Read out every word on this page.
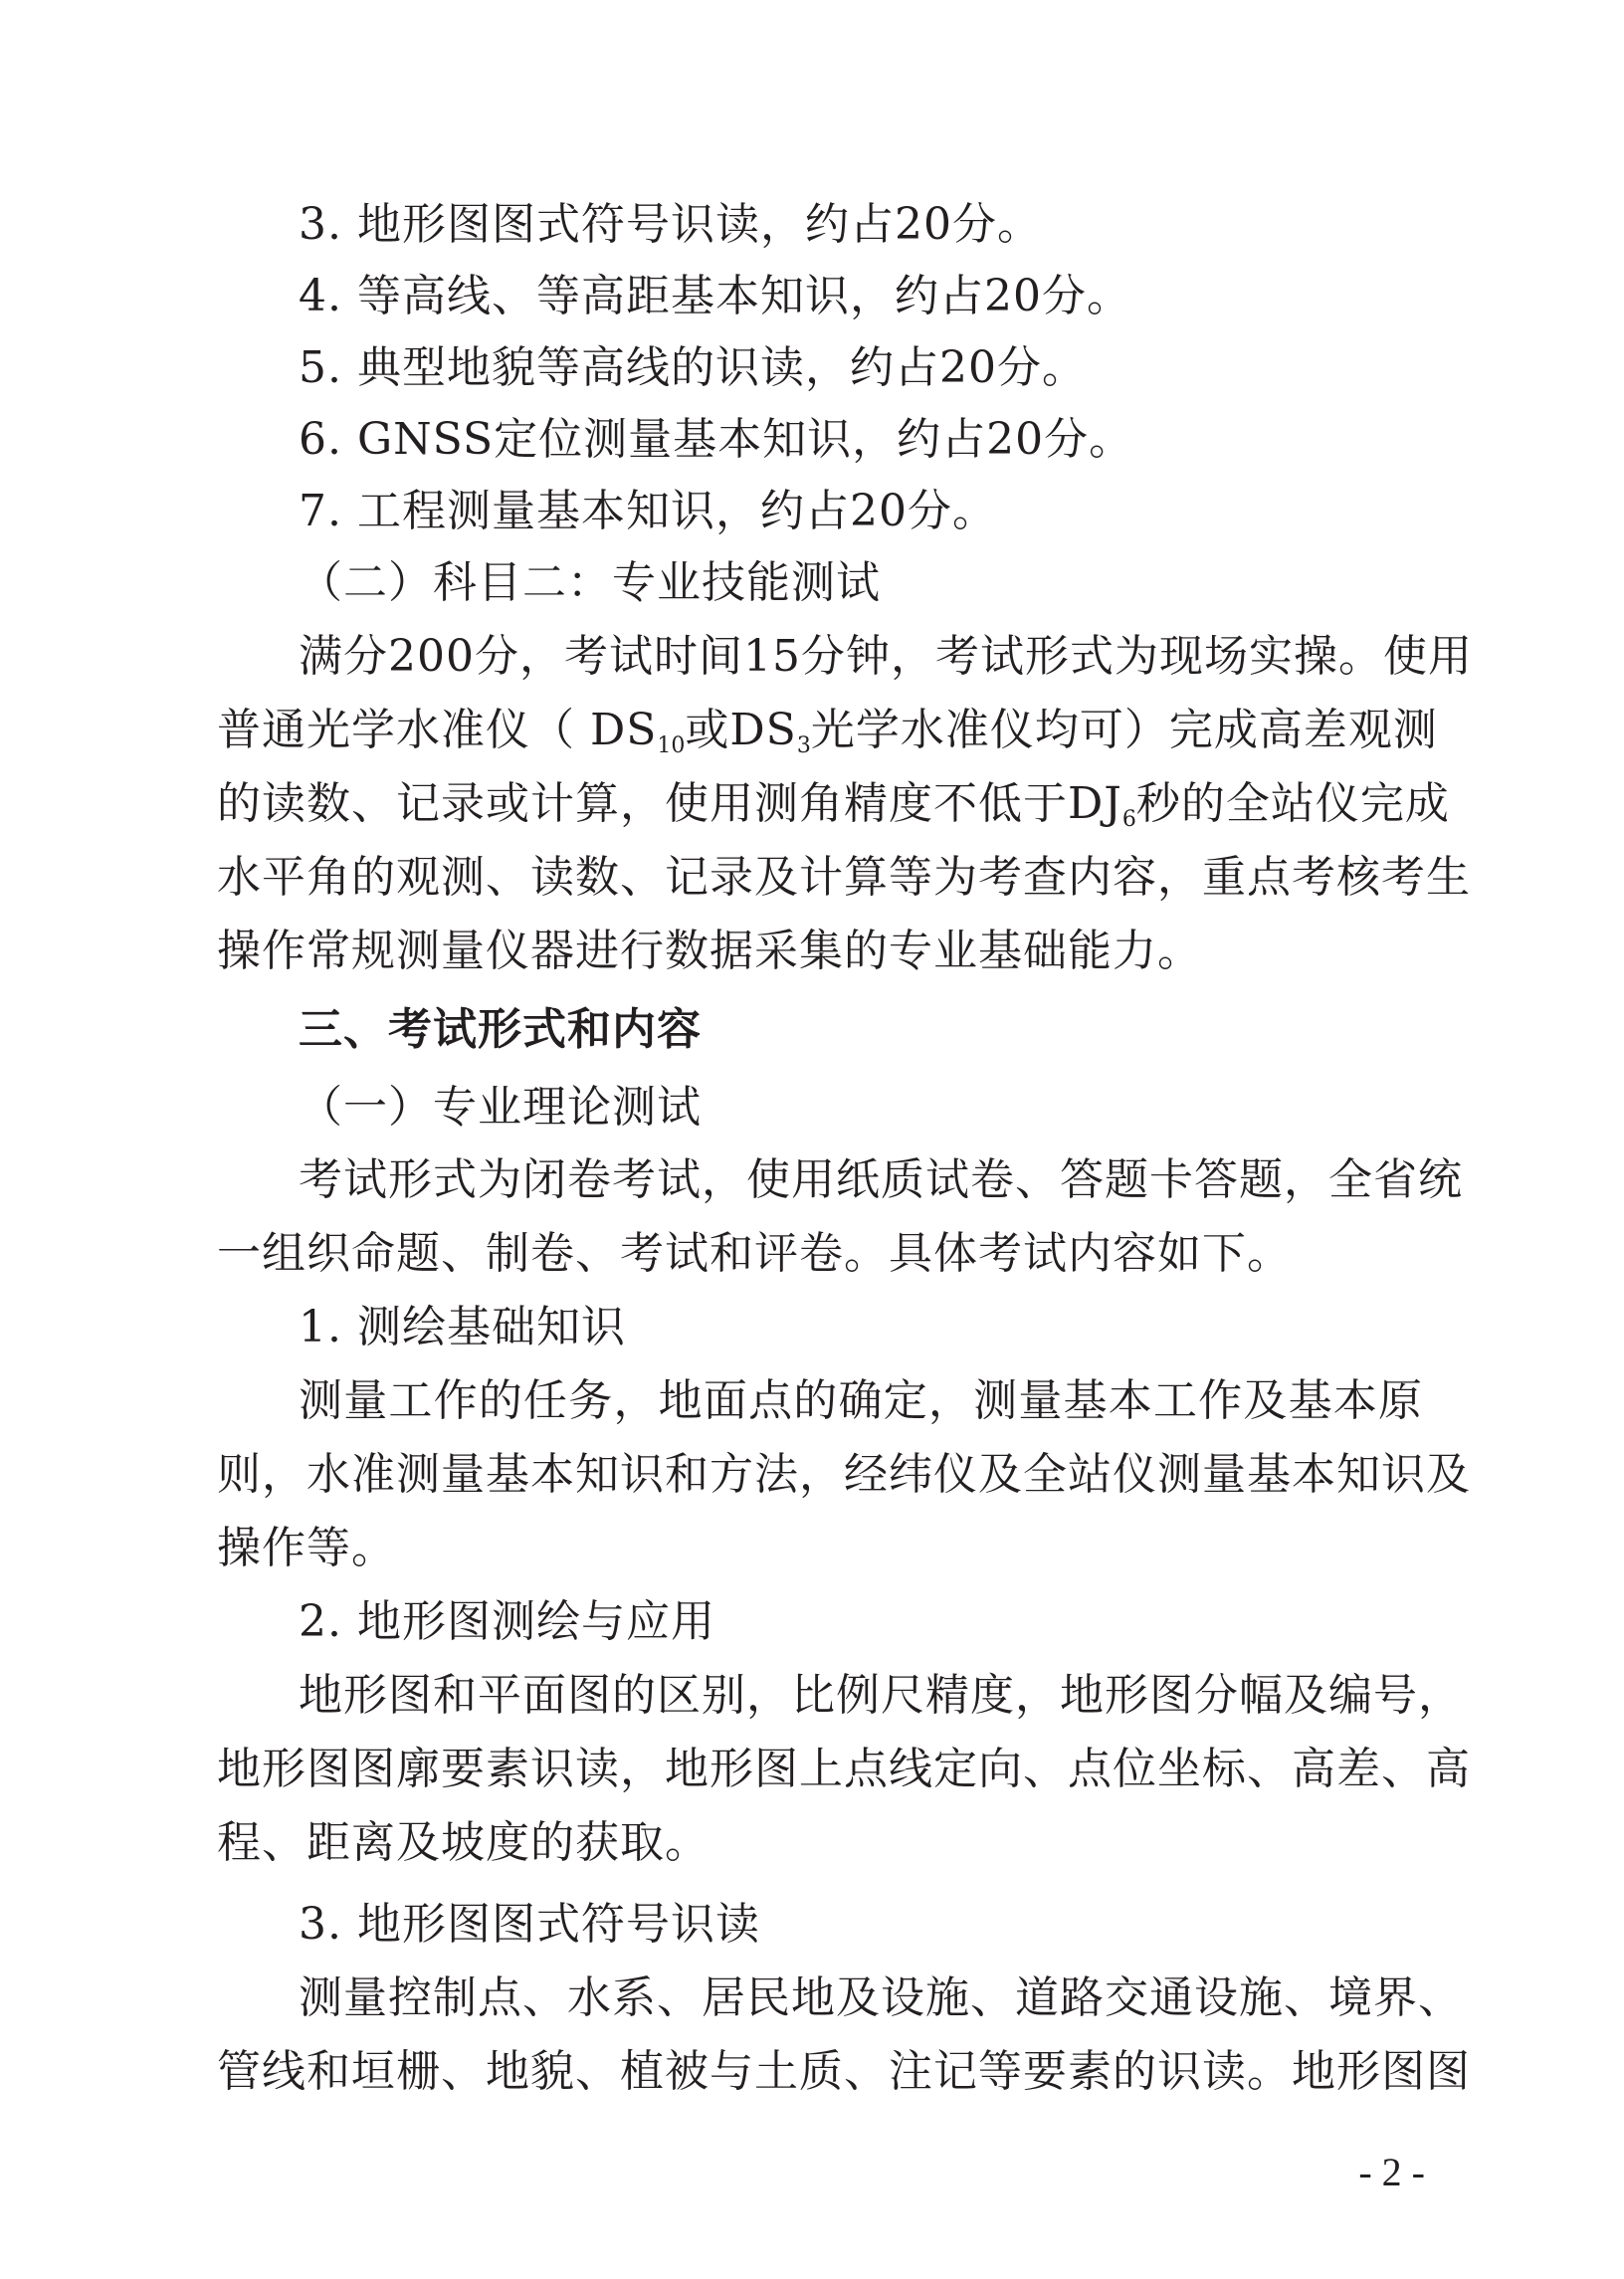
3. 地形图图式符号识读，约占20分。
4. 等高线、等高距基本知识，约占20分。
5. 典型地貌等高线的识读，约占20分。
6. GNSS定位测量基本知识，约占20分。
7. 工程测量基本知识，约占20分。
（二）科目二：专业技能测试
满分200分，考试时间15分钟，考试形式为现场实操。使用
普通光学水准仪（ $DS_{10}$或$DS_3$光学水准仪均可）完成高差观测
的读数、记录或计算，使用测角精度不低于$DJ_6$秒的全站仪完成
水平角的观测、读数、记录及计算等为考查内容，重点考核考生
操作常规测量仪器进行数据采集的专业基础能力。
三、考试形式和内容
（一）专业理论测试
考试形式为闭卷考试，使用纸质试卷、答题卡答题，全省统
一组织命题、制卷、考试和评卷。具体考试内容如下。
1. 测绘基础知识
测量工作的任务，地面点的确定，测量基本工作及基本原
则，水准测量基本知识和方法，经纬仪及全站仪测量基本知识及
操作等。
2. 地形图测绘与应用
地形图和平面图的区别，比例尺精度，地形图分幅及编号，
地形图图廓要素识读，地形图上点线定向、点位坐标、高差、高
程、距离及坡度的获取。
3. 地形图图式符号识读
测量控制点、水系、居民地及设施、道路交通设施、境界、
管线和垣栅、地貌、植被与土质、注记等要素的识读。地形图图
- 2 -
